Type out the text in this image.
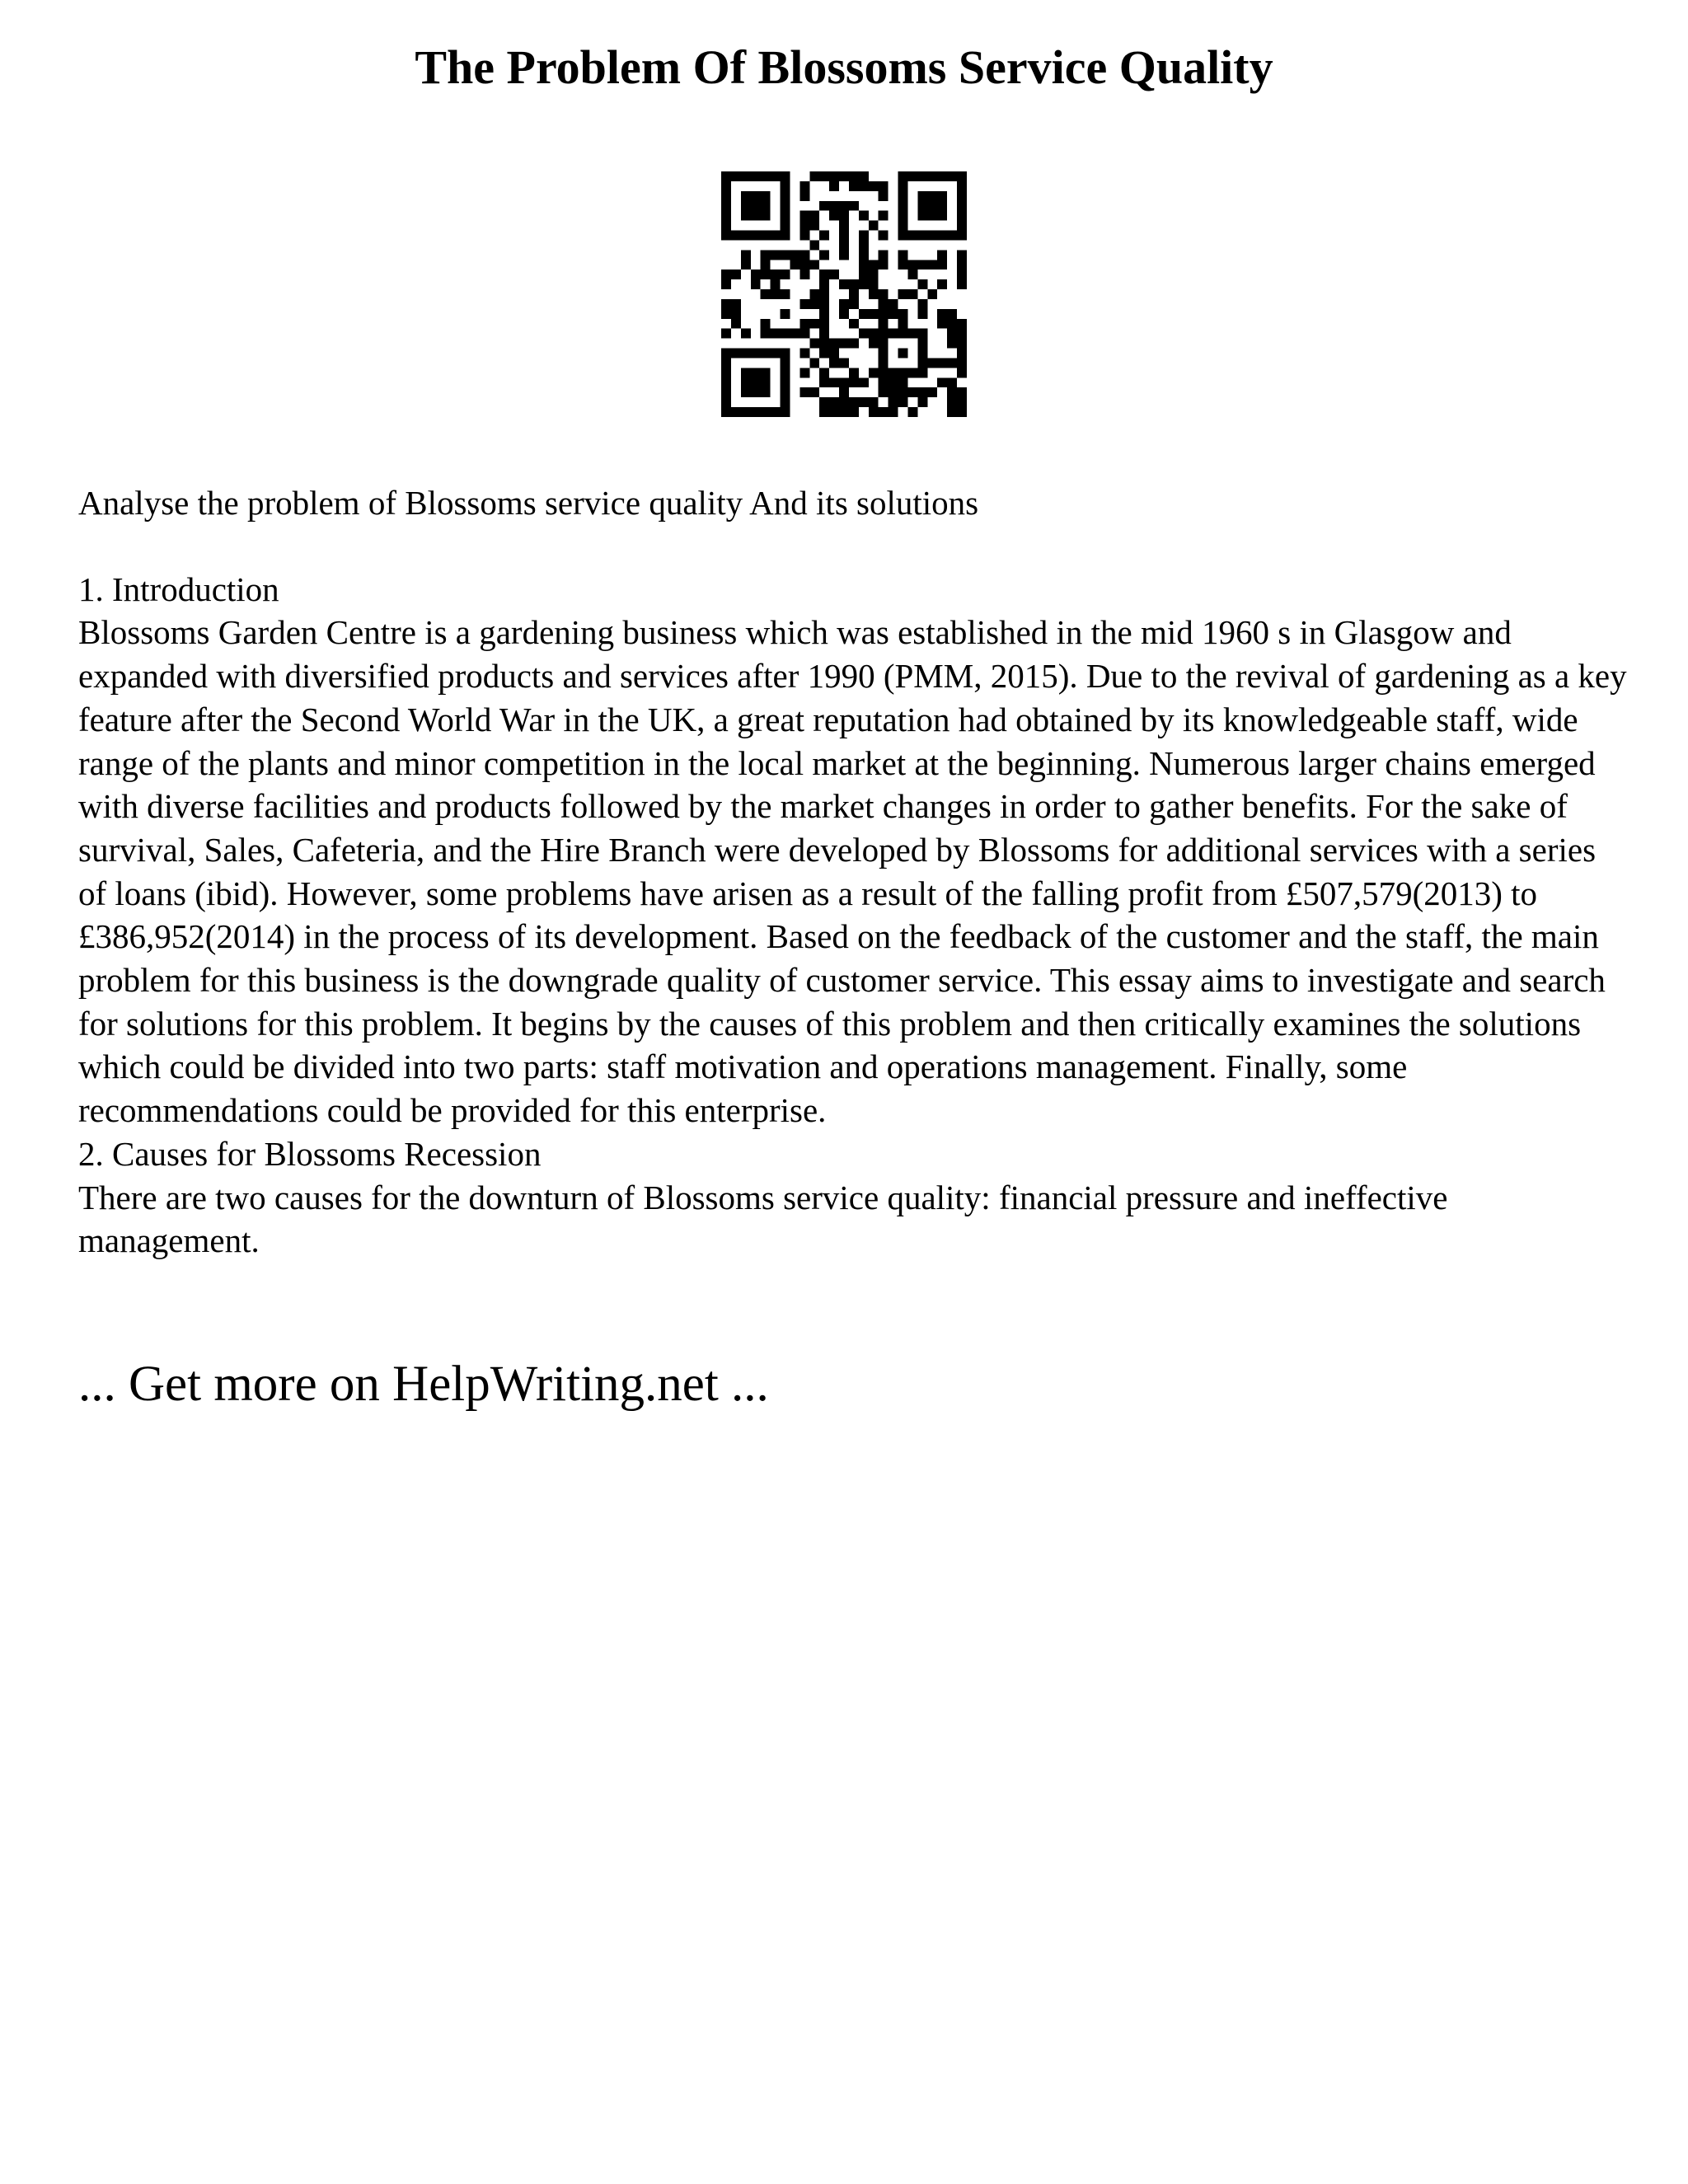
The Problem Of Blossoms Service Quality

Analyse the problem of Blossoms service quality And its solutions

1. Introduction

Blossoms Garden Centre is a gardening business which was established in the mid 1960 s in Glasgow and expanded with diversified products and services after 1990 (PMM, 2015). Due to the revival of gardening as a key feature after the Second World War in the UK, a great reputation had obtained by its knowledgeable staff, wide range of the plants and minor competition in the local market at the beginning. Numerous larger chains emerged with diverse facilities and products followed by the market changes in order to gather benefits. For the sake of survival, Sales, Cafeteria, and the Hire Branch were developed by Blossoms for additional services with a series of loans (ibid). However, some problems have arisen as a result of the falling profit from £507,579(2013) to £386,952(2014) in the process of its development. Based on the feedback of the customer and the staff, the main problem for this business is the downgrade quality of customer service. This essay aims to investigate and search for solutions for this problem. It begins by the causes of this problem and then critically examines the solutions which could be divided into two parts: staff motivation and operations management. Finally, some recommendations could be provided for this enterprise.

2. Causes for Blossoms Recession

There are two causes for the downturn of Blossoms service quality: financial pressure and ineffective management.

... Get more on HelpWriting.net ...
